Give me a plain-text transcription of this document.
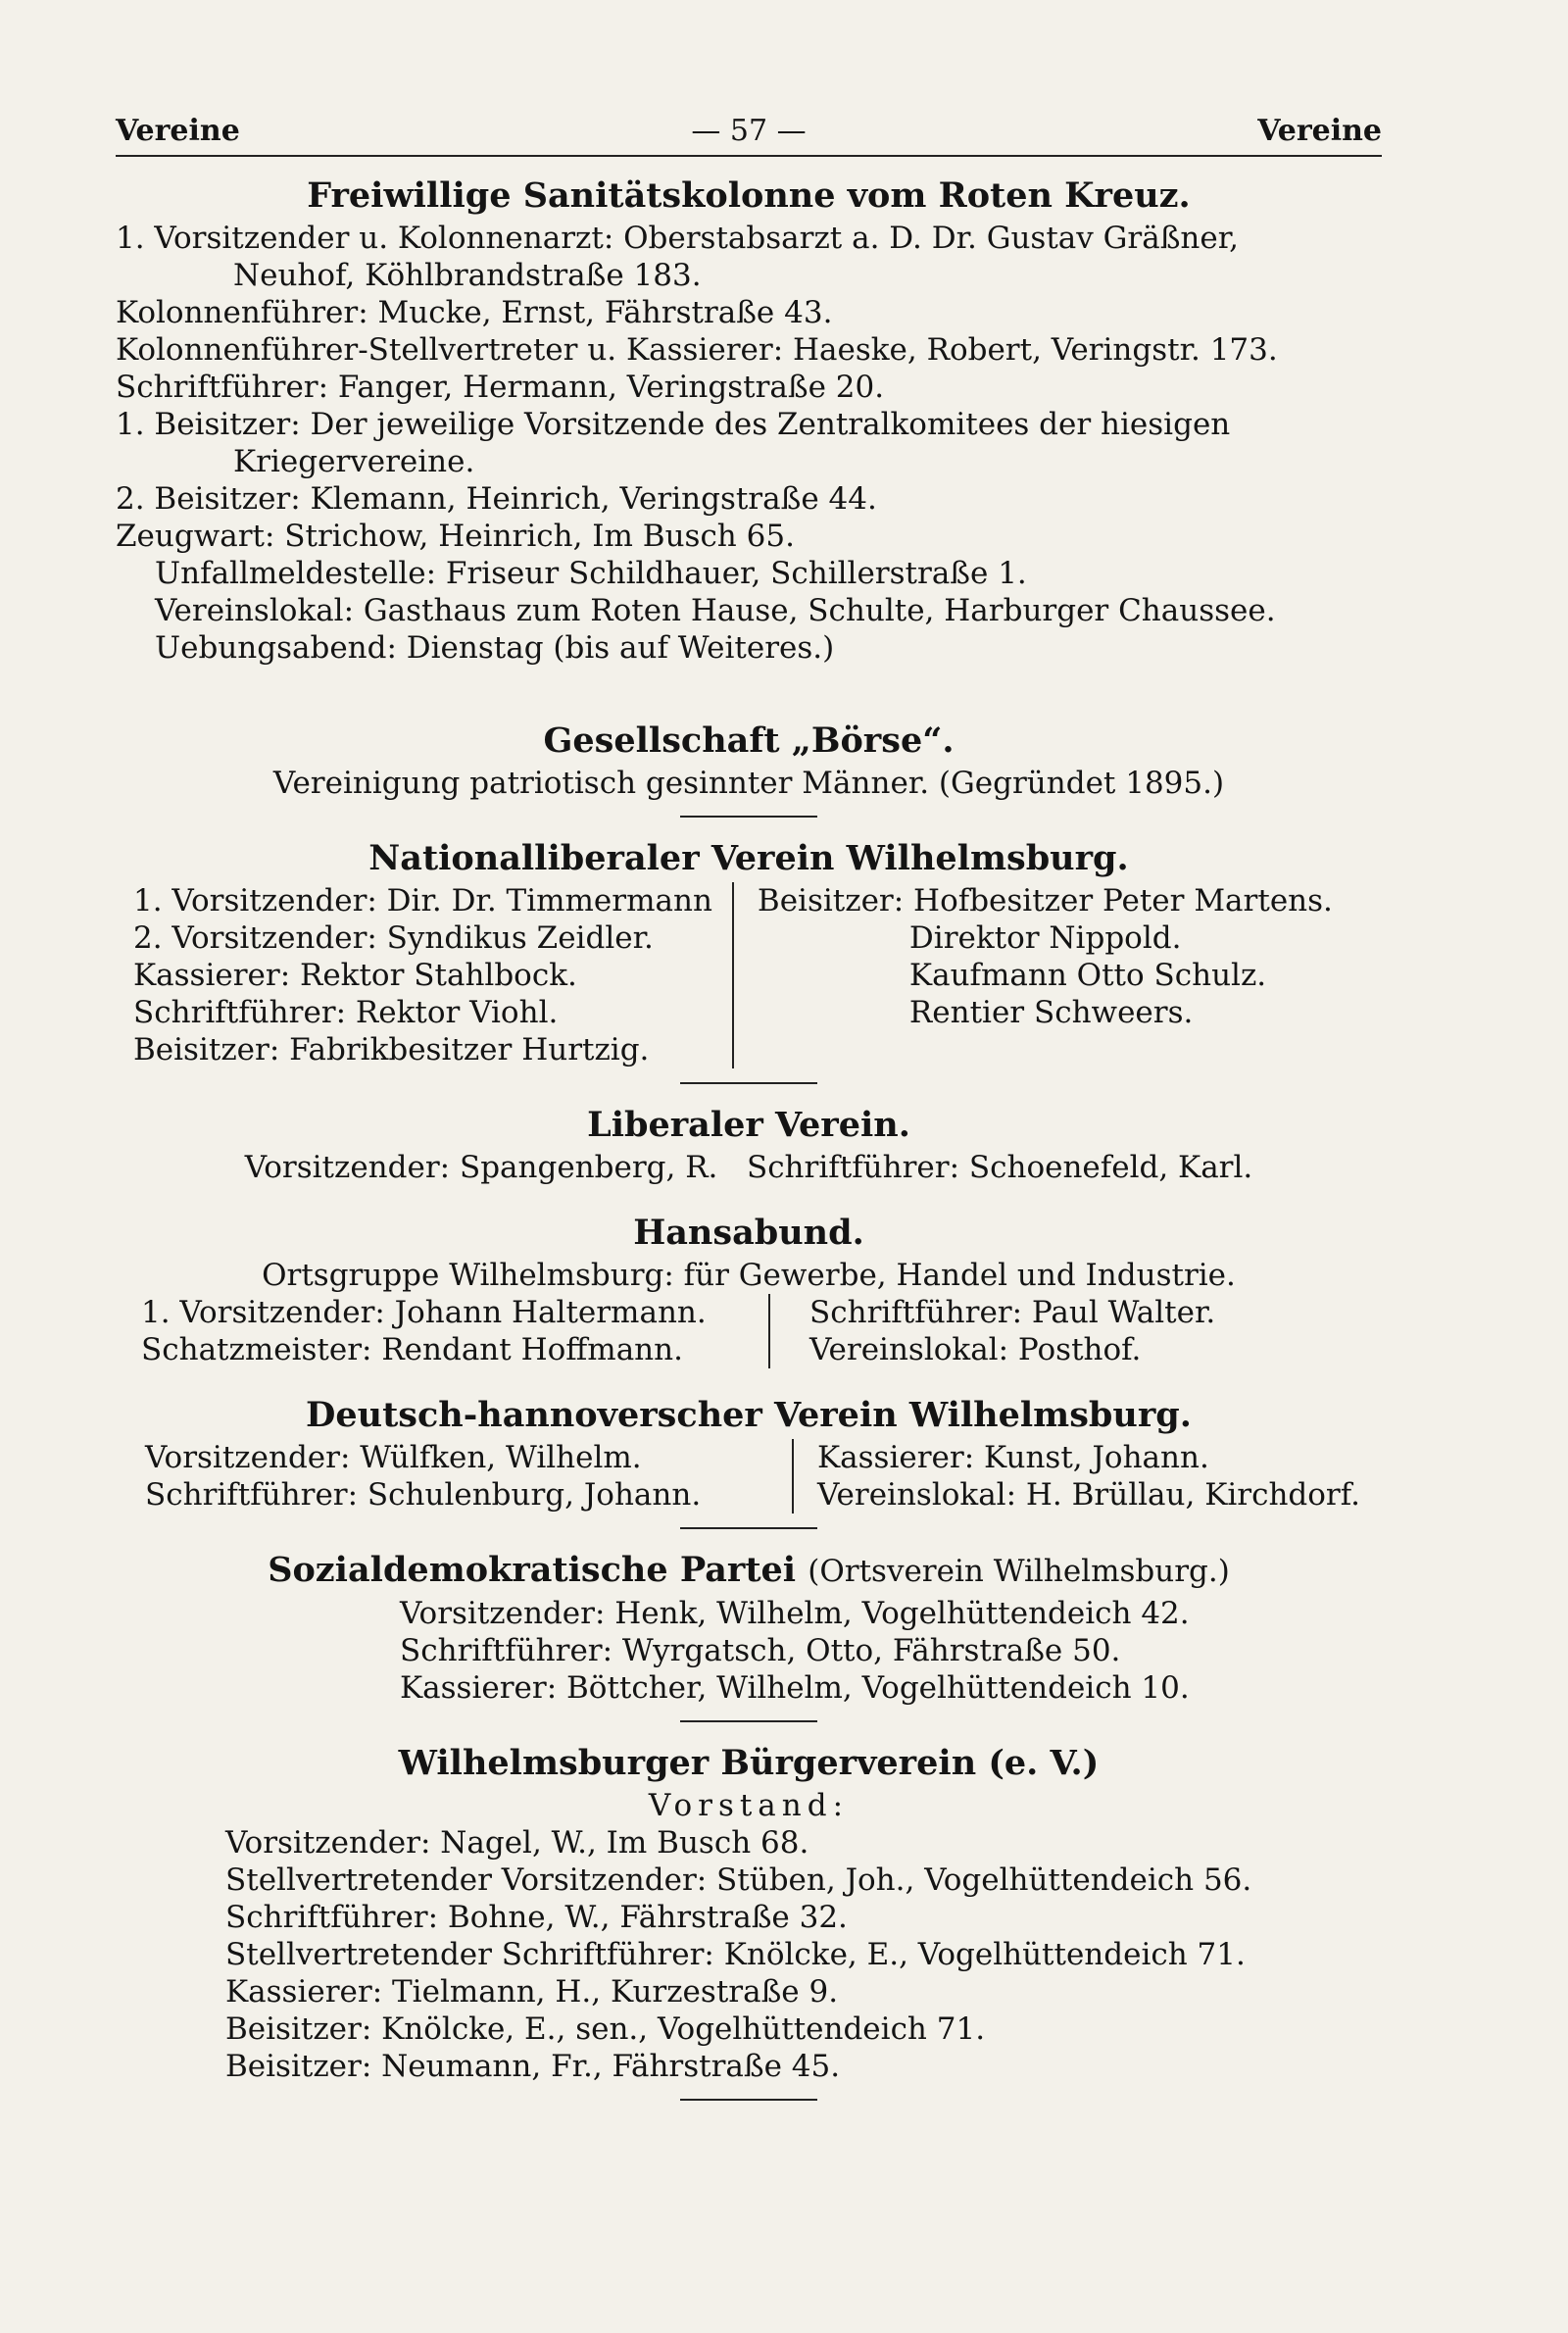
Vereine	— 57 —	Vereine
Freiwillige Sanitätskolonne vom Roten Kreuz.
1. Vorsitzender u. Kolonnenarzt: Oberstabsarzt a. D. Dr. Gustav Gräßner,
Neuhof, Köhlbrandstraße 183.
Kolonnenführer: Mucke, Ernst, Fährstraße 43.
Kolonnenführer-Stellvertreter u. Kassierer: Haeske, Robert, Veringstr. 173.
Schriftführer: Fanger, Hermann, Veringstraße 20.
1. Beisitzer: Der jeweilige Vorsitzende des Zentralkomitees der hiesigen
Kriegervereine.
2. Beisitzer: Klemann, Heinrich, Veringstraße 44.
Zeugwart: Strichow, Heinrich, Im Busch 65.
Unfallmeldestelle: Friseur Schildhauer, Schillerstraße 1.
Vereinslokal: Gasthaus zum Roten Hause, Schulte, Harburger Chaussee.
Uebungsabend: Dienstag (bis auf Weiteres.)
Gesellschaft „Börse“.
Vereinigung patriotisch gesinnter Männer. (Gegründet 1895.)
Nationalliberaler Verein Wilhelmsburg.
1. Vorsitzender: Dir. Dr. Timmermann
2. Vorsitzender: Syndikus Zeidler.
Kassierer: Rektor Stahlbock.
Schriftführer: Rektor Viohl.
Beisitzer: Fabrikbesitzer Hurtzig.
Beisitzer: Hofbesitzer Peter Martens.
Direktor Nippold.
Kaufmann Otto Schulz.
Rentier Schweers.
Liberaler Verein.
Vorsitzender: Spangenberg, R.   Schriftführer: Schoenefeld, Karl.
Hansabund.
Ortsgruppe Wilhelmsburg: für Gewerbe, Handel und Industrie.
1. Vorsitzender: Johann Haltermann.
Schatzmeister: Rendant Hoffmann.
Schriftführer: Paul Walter.
Vereinslokal: Posthof.
Deutsch-hannoverscher Verein Wilhelmsburg.
Vorsitzender: Wülfken, Wilhelm.
Schriftführer: Schulenburg, Johann.
Kassierer: Kunst, Johann.
Vereinslokal: H. Brüllau, Kirchdorf.
Sozialdemokratische Partei (Ortsverein Wilhelmsburg.)
Vorsitzender: Henk, Wilhelm, Vogelhüttendeich 42.
Schriftführer: Wyrgatsch, Otto, Fährstraße 50.
Kassierer: Böttcher, Wilhelm, Vogelhüttendeich 10.
Wilhelmsburger Bürgerverein (e. V.)
Vorstand:
Vorsitzender: Nagel, W., Im Busch 68.
Stellvertretender Vorsitzender: Stüben, Joh., Vogelhüttendeich 56.
Schriftführer: Bohne, W., Fährstraße 32.
Stellvertretender Schriftführer: Knölcke, E., Vogelhüttendeich 71.
Kassierer: Tielmann, H., Kurzestraße 9.
Beisitzer: Knölcke, E., sen., Vogelhüttendeich 71.
Beisitzer: Neumann, Fr., Fährstraße 45.
